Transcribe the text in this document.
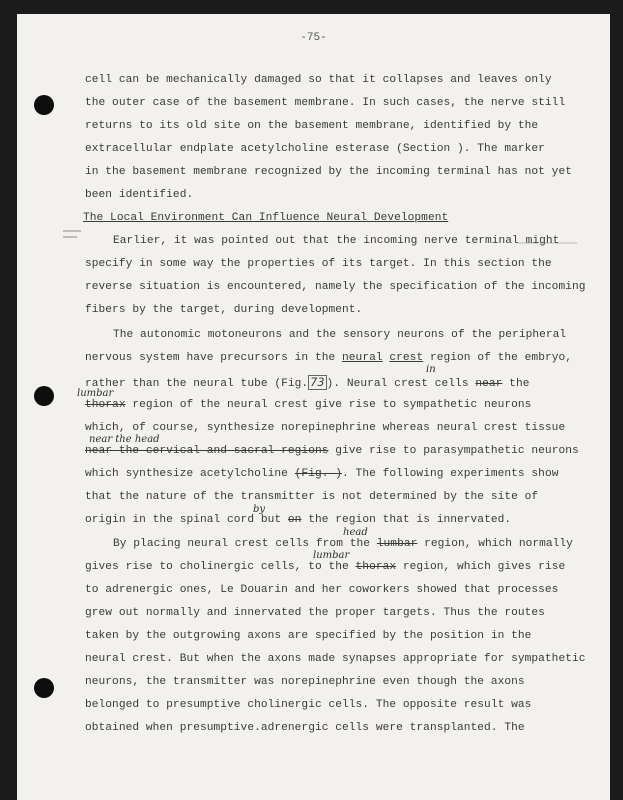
-75-
cell can be mechanically damaged so that it collapses and leaves only
the outer case of the basement membrane. In such cases, the nerve still
returns to its old site on the basement membrane, identified by the
extracellular endplate acetylcholine esterase (Section ). The marker
in the basement membrane recognized by the incoming terminal has not yet
been identified.
The Local Environment Can Influence Neural Development
Earlier, it was pointed out that the incoming nerve terminal might
specify in some way the properties of its target. In this section the
reverse situation is encountered, namely the specification of the incoming
fibers by the target, during development.
The autonomic motoneurons and the sensory neurons of the peripheral
nervous system have precursors in the neural crest region of the embryo,
in
rather than the neural tube (Fig. 73 ). Neural crest cells near the
lumbar
thorax region of the neural crest give rise to sympathetic neurons
which, of course, synthesize norepinephrine whereas neural crest tissue
near the head
near the cervical and sacral regions give rise to parasympathetic neurons
which synthesize acetylcholine (Fig. ). The following experiments show
that the nature of the transmitter is not determined by the site of
by
origin in the spinal cord but on the region that is innervated.
head
By placing neural crest cells from the lumbar region, which normally
lumbar
gives rise to cholinergic cells, to the thorax region, which gives rise
to adrenergic ones, Le Douarin and her coworkers showed that processes
grew out normally and innervated the proper targets. Thus the routes
taken by the outgrowing axons are specified by the position in the
neural crest. But when the axons made synapses appropriate for sympathetic
neurons, the transmitter was norepinephrine even though the axons
belonged to presumptive cholinergic cells. The opposite result was
obtained when presumptive.adrenergic cells were transplanted. The
